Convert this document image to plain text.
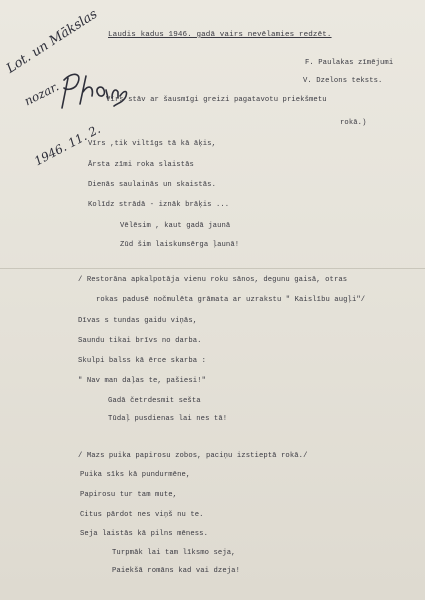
Lot. un Mākslas
nozar.
1946. 11. 2.
Laudis kadus 1946. gadā vairs nevēlamies redzēt.
F. Paulakas zīmējumi
V. Dzelons teksts.
Vīrs stāv ar šausmīgi greizi pagatavotu priekšmetu
rokā.)
Vīrs ,tik viltīgs tā kā āķis,
Ārsta zīmi roka slaistās
Dienās saulainās un skaistās.
Kolīdz strādā - iznāk brāķis ...
Vēlēsim , kaut gadā jaunā
Zūd šim laiskumsērga ļaunā!
/ Restorāna apkalpotāja vienu roku sānos, degunu gaisā, otras
rokas padusē nočmulēta grāmata ar uzrakstu " Kaislību augļi"/
Dīvas s tundas gaidu viņās,
Saundu tikai brīvs no darba.
Skulpi balss kā ērce skarba :
" Nav man daļas te, pašiesi!"
Gadā četrdesmit sešta
Tūdaļ pusdienas lai nes tā!
/ Mazs puika papirosu zobos, paciņu izstieptā rokā./
Puika sīks kā pundurmēne,
Papirosu tur tam mute,
Citus pārdot nes viņš nu te.
Seja laistās kā pilns mēness.
Turpmāk lai tam līksmo seja,
Paiekšā romāns kad vai dzeja!
